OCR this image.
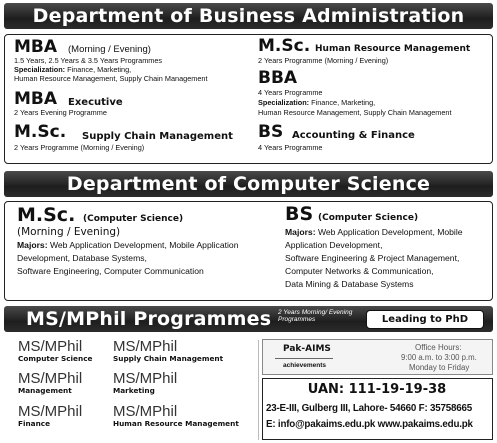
Department of Business Administration
MBA (Morning / Evening)
1.5 Years, 2.5 Years & 3.5 Years Programmes
Specialization: Finance, Marketing,
Human Resource Management, Supply Chain Management
MBA Executive
2 Years Evening Programme
M.Sc. Supply Chain Management
2 Years Programme (Morning / Evening)
M.Sc. Human Resource Management
2 Years Programme (Morning / Evening)
BBA
4 Years Programme
Specialization: Finance, Marketing,
Human Resource Management, Supply Chain Management
BS Accounting & Finance
4 Years Programme
Department of Computer Science
M.Sc. (Computer Science)
(Morning / Evening)
Majors: Web Application Development, Mobile Application
Development, Database Systems,
Software Engineering, Computer Communication
BS (Computer Science)
Majors: Web Application Development, Mobile
Application Development,
Software Engineering & Project Management,
Computer Networks & Communication,
Data Mining & Database Systems
MS/MPhil Programmes 2 Years Morning/ Evening Programmes	Leading to PhD
MS/MPhil
Computer Science
MS/MPhil
Supply Chain Management
MS/MPhil
Management
MS/MPhil
Marketing
MS/MPhil
Finance
MS/MPhil
Human Resource Management
Pak-AIMS
achievements
Office Hours:
9:00 a.m. to 3:00 p.m.
Monday to Friday
UAN: 111-19-19-38
23-E-III, Gulberg III, Lahore- 54660 F: 35758665
E: info@pakaims.edu.pk www.pakaims.edu.pk
